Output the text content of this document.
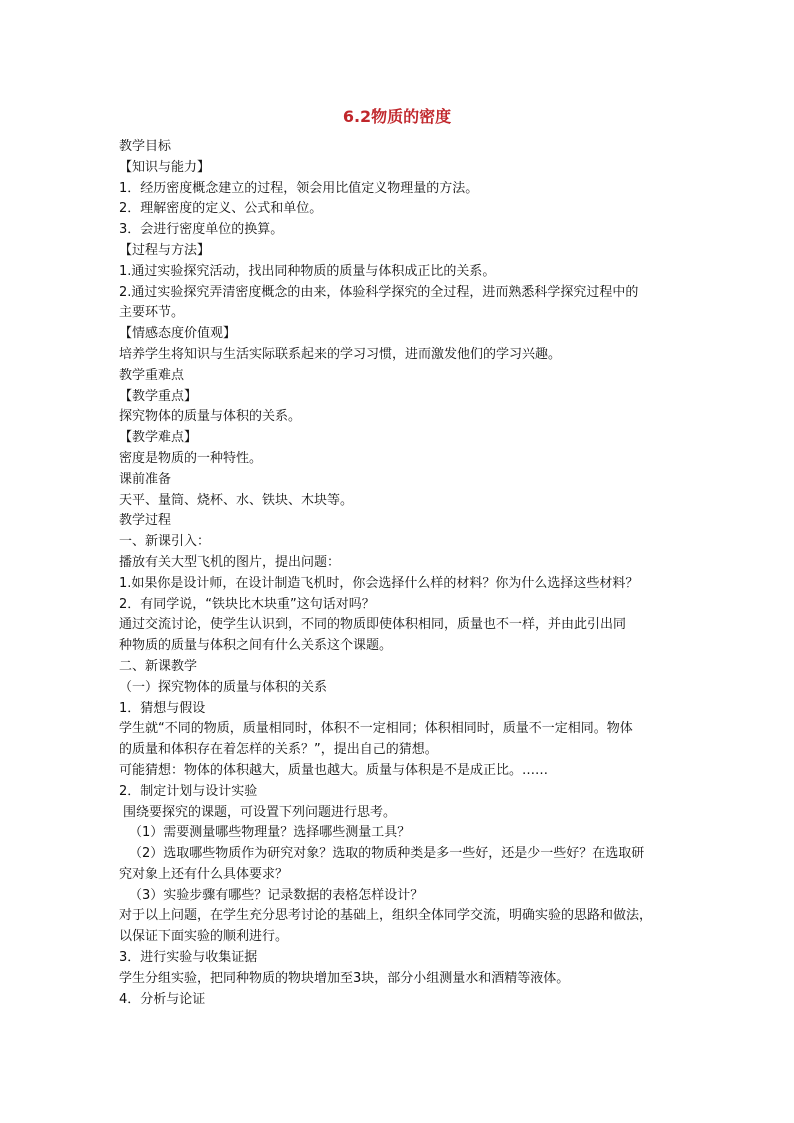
6.2物质的密度
教学目标
【知识与能力】
1．经历密度概念建立的过程，领会用比值定义物理量的方法。
2．理解密度的定义、公式和单位。
3．会进行密度单位的换算。
【过程与方法】
1.通过实验探究活动，找出同种物质的质量与体积成正比的关系。
2.通过实验探究弄清密度概念的由来，体验科学探究的全过程，进而熟悉科学探究过程中的
主要环节。
【情感态度价值观】
培养学生将知识与生活实际联系起来的学习习惯，进而激发他们的学习兴趣。
教学重难点
【教学重点】
探究物体的质量与体积的关系。
【教学难点】
密度是物质的一种特性。
课前准备
天平、量筒、烧杯、水、铁块、木块等。
教学过程
一、新课引入：
播放有关大型飞机的图片，提出问题：
1.如果你是设计师，在设计制造飞机时，你会选择什么样的材料？你为什么选择这些材料？
2．有同学说，“铁块比木块重”这句话对吗？
通过交流讨论，使学生认识到，不同的物质即使体积相同，质量也不一样，并由此引出同
种物质的质量与体积之间有什么关系这个课题。
二、新课教学
（一）探究物体的质量与体积的关系
1．猜想与假设
学生就“不同的物质，质量相同时，体积不一定相同；体积相同时，质量不一定相同。物体
的质量和体积存在着怎样的关系？”，提出自己的猜想。
可能猜想：物体的体积越大，质量也越大。质量与体积是不是成正比。……
2．制定计划与设计实验
围绕要探究的课题，可设置下列问题进行思考。
（1）需要测量哪些物理量？选择哪些测量工具？
（2）选取哪些物质作为研究对象？选取的物质种类是多一些好，还是少一些好？在选取研
究对象上还有什么具体要求？
（3）实验步骤有哪些？记录数据的表格怎样设计？
对于以上问题，在学生充分思考讨论的基础上，组织全体同学交流，明确实验的思路和做法，
以保证下面实验的顺利进行。
3．进行实验与收集证据
学生分组实验，把同种物质的物块增加至3块，部分小组测量水和酒精等液体。
4．分析与论证
